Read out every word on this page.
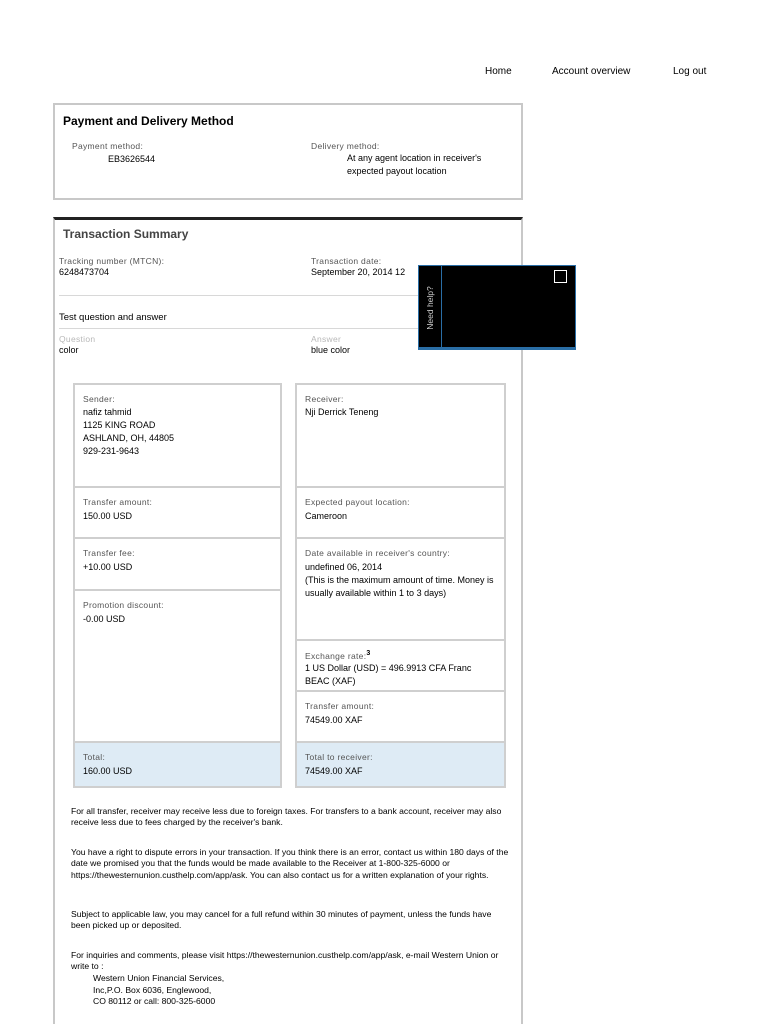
Home	Account overview	Log out
Payment and Delivery Method
Payment method:
EB3626544
Delivery method:
At any agent location in receiver's expected payout location
Transaction Summary
Tracking number (MTCN):
6248473704
Transaction date:
September 20, 2014 12
Test question and answer
Question
color
Answer
blue color
Sender:
nafiz tahmid
1125 KING ROAD
ASHLAND, OH, 44805
929-231-9643
Transfer amount:
150.00 USD
Transfer fee:
+10.00 USD
Promotion discount:
-0.00 USD
Total:
160.00 USD
Receiver:
Nji Derrick Teneng
Expected payout location:
Cameroon
Date available in receiver's country:
undefined 06, 2014
(This is the maximum amount of time. Money is usually available within 1 to 3 days)
Exchange rate:$^3$
1 US Dollar (USD) = 496.9913 CFA Franc BEAC (XAF)
Transfer amount:
74549.00 XAF
Total to receiver:
74549.00 XAF
For all transfer, receiver may receive less due to foreign taxes. For transfers to a bank account, receiver may also receive less due to fees charged by the receiver's bank.
You have a right to dispute errors in your transaction. If you think there is an error, contact us within 180 days of the date we promised you that the funds would be made available to the Receiver at 1-800-325-6000 or https://thewesternunion.custhelp.com/app/ask. You can also contact us for a written explanation of your rights.
Subject to applicable law, you may cancel for a full refund within 30 minutes of payment, unless the funds have been picked up or deposited.
For inquiries and comments, please visit https://thewesternunion.custhelp.com/app/ask, e-mail Western Union or write to :
Western Union Financial Services,
Inc,P.O. Box 6036, Englewood,
CO 80112 or call: 800-325-6000
Need help?
